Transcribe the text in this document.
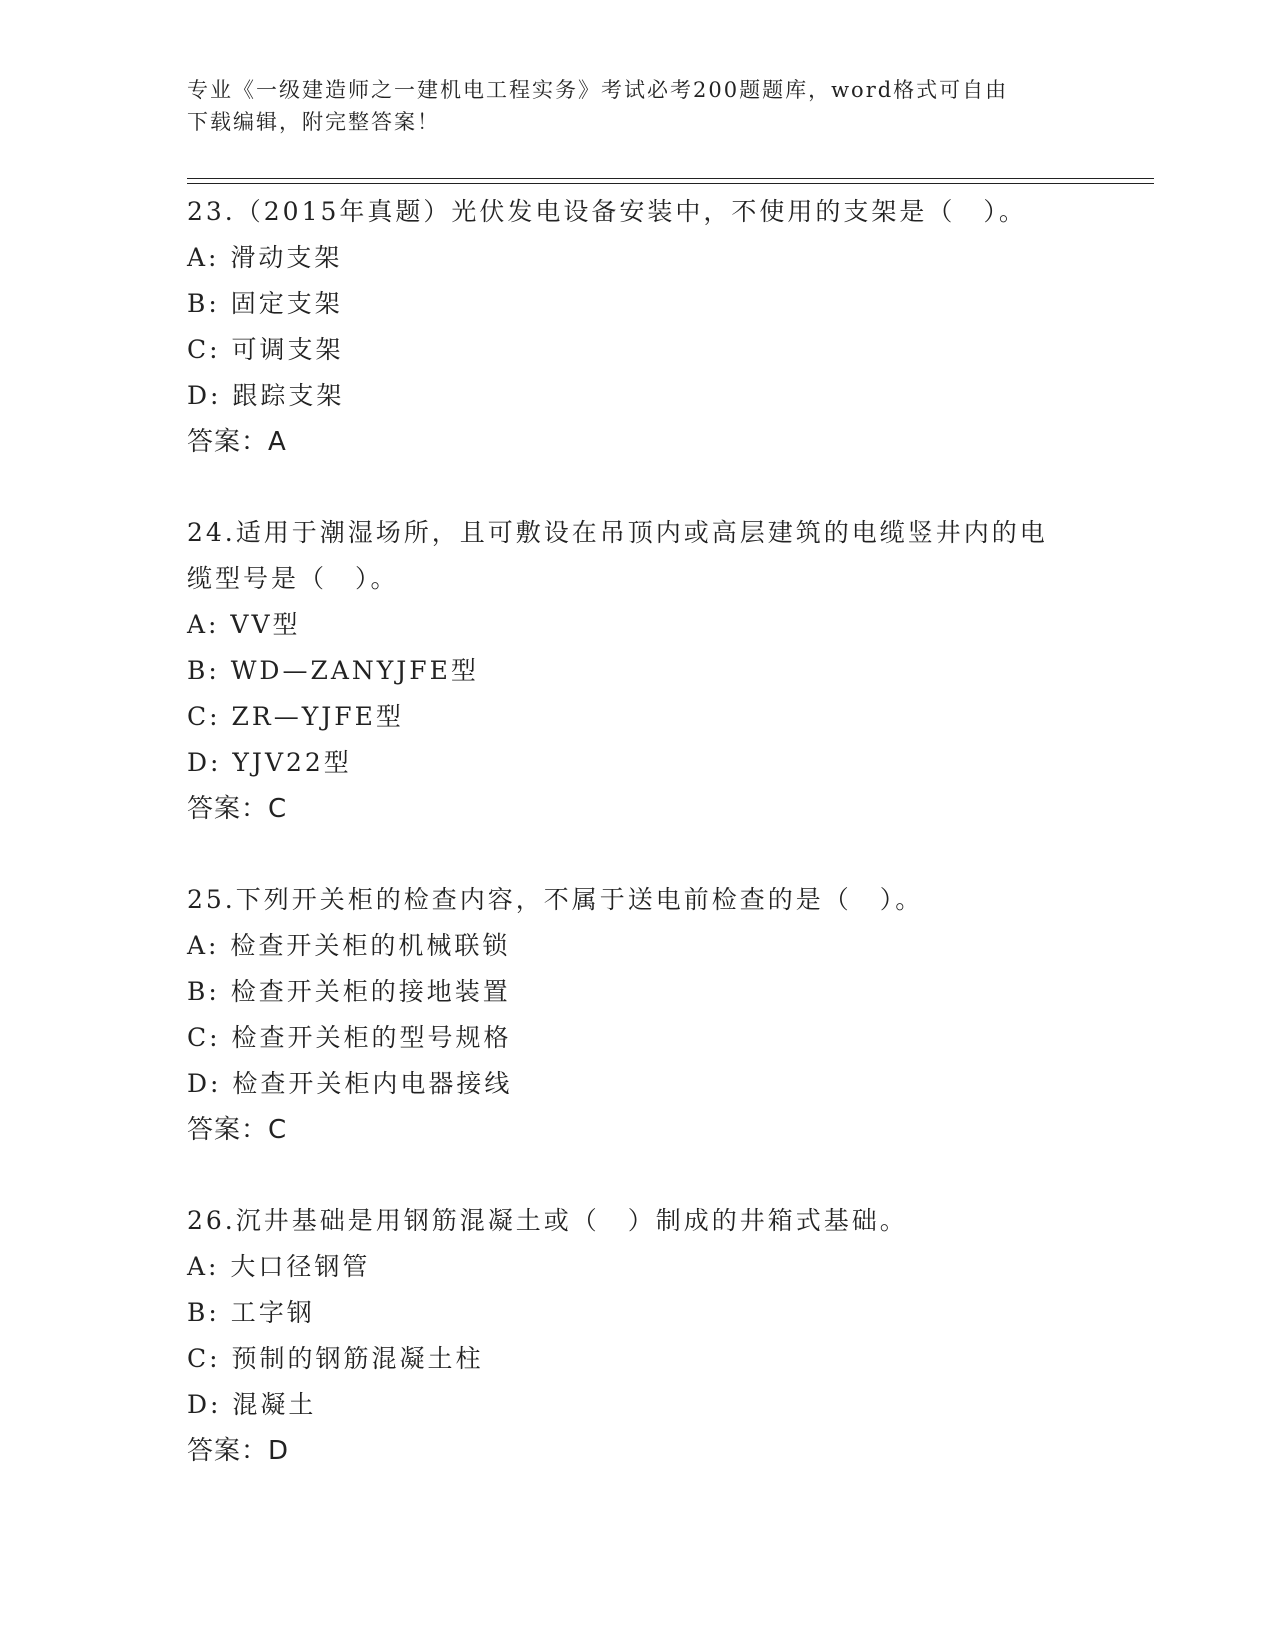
专业《一级建造师之一建机电工程实务》考试必考200题题库，word格式可自由
下载编辑，附完整答案！

23.（2015年真题）光伏发电设备安装中，不使用的支架是（　）。

A: 滑动支架

B: 固定支架

C: 可调支架

D: 跟踪支架

答案：A

24.适用于潮湿场所，且可敷设在吊顶内或高层建筑的电缆竖井内的电

缆型号是（　）。

A: VV型

B: WD—ZANYJFE型

C: ZR—YJFE型

D: YJV22型

答案：C

25.下列开关柜的检查内容，不属于送电前检查的是（　）。

A: 检查开关柜的机械联锁

B: 检查开关柜的接地装置

C: 检查开关柜的型号规格

D: 检查开关柜内电器接线

答案：C

26.沉井基础是用钢筋混凝土或（　）制成的井箱式基础。

A: 大口径钢管

B: 工字钢

C: 预制的钢筋混凝土柱

D: 混凝土

答案：D
